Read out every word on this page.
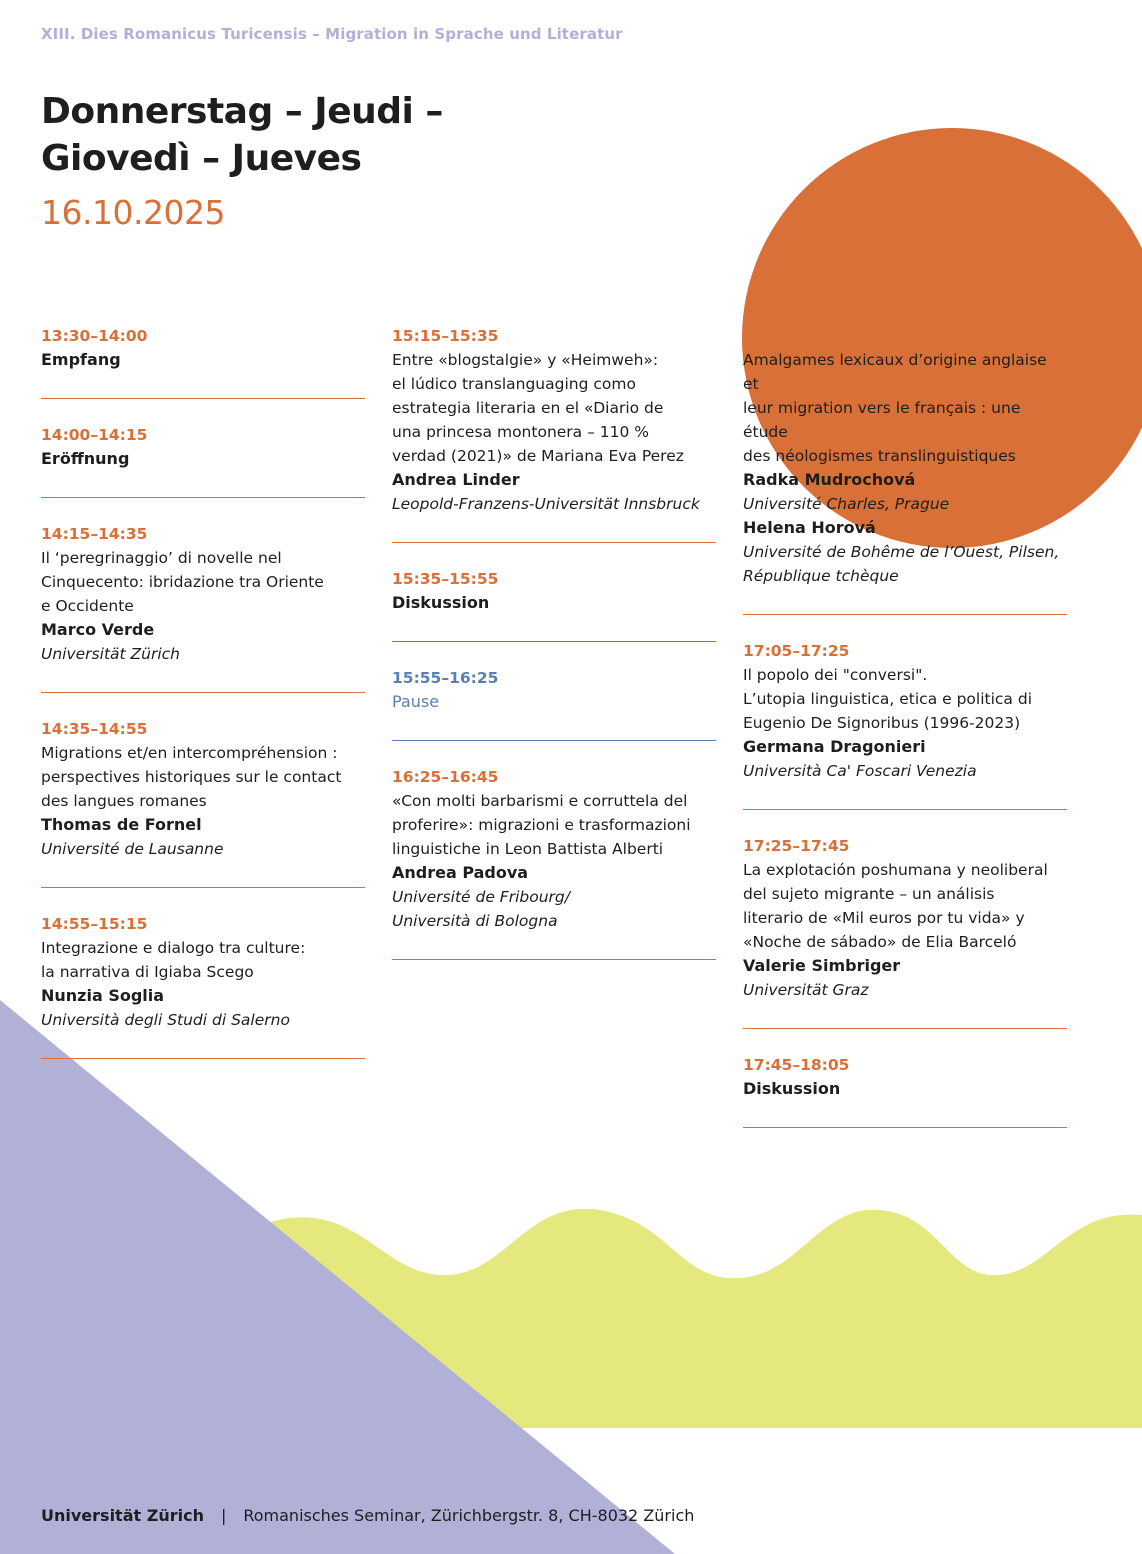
XIII. Dies Romanicus Turicensis – Migration in Sprache und Literatur
Donnerstag – Jeudi –
Giovedì – Jueves
16.10.2025
13:30–14:00
Empfang
14:00–14:15
Eröffnung
14:15–14:35
Il ‘peregrinaggio’ di novelle nel
Cinquecento: ibridazione tra Oriente
e Occidente
Marco Verde
Universität Zürich
14:35–14:55
Migrations et/en intercompréhension :
perspectives historiques sur le contact
des langues romanes
Thomas de Fornel
Université de Lausanne
14:55–15:15
Integrazione e dialogo tra culture:
la narrativa di Igiaba Scego
Nunzia Soglia
Università degli Studi di Salerno
15:15–15:35
Entre «blogstalgie» y «Heimweh»:
el lúdico translanguaging como
estrategia literaria en el «Diario de
una princesa montonera – 110 %
verdad (2021)» de Mariana Eva Perez
Andrea Linder
Leopold-Franzens-Universität Innsbruck
15:35–15:55
Diskussion
15:55–16:25
Pause
16:25–16:45
«Con molti barbarismi e corruttela del
proferire»: migrazioni e trasformazioni
linguistiche in Leon Battista Alberti
Andrea Padova
Université de Fribourg/
Università di Bologna
16:45–17:05
Amalgames lexicaux d’origine anglaise et
leur migration vers le français : une étude
des néologismes translinguistiques
Radka Mudrochová
Université Charles, Prague
Helena Horová
Université de Bohême de l’Ouest, Pilsen,
République tchèque
17:05–17:25
Il popolo dei "conversi".
L’utopia linguistica, etica e politica di
Eugenio De Signoribus (1996-2023)
Germana Dragonieri
Università Ca' Foscari Venezia
17:25–17:45
La explotación poshumana y neoliberal
del sujeto migrante – un análisis
literario de «Mil euros por tu vida» y
«Noche de sábado» de Elia Barceló
Valerie Simbriger
Universität Graz
17:45–18:05
Diskussion
Universität Zürich | Romanisches Seminar, Zürichbergstr. 8, CH-8032 Zürich
